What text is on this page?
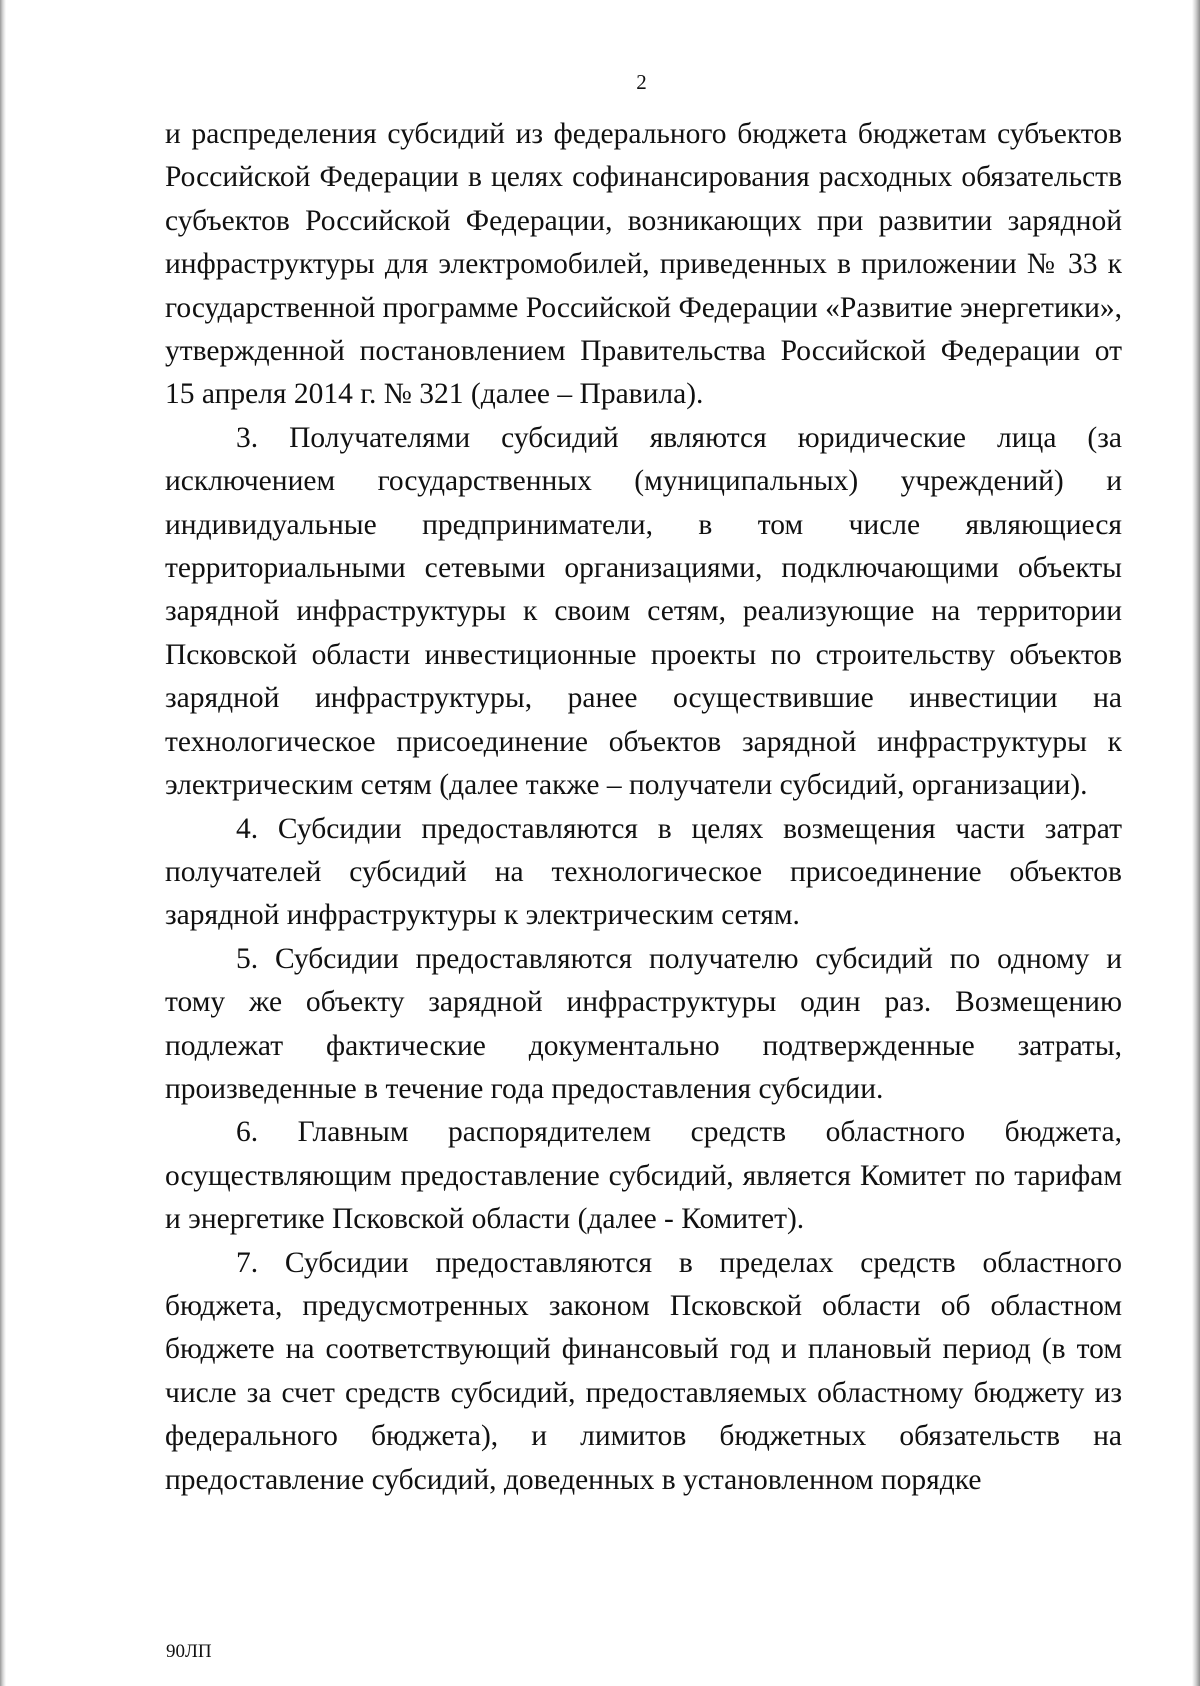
2

и распределения субсидий из федерального бюджета бюджетам субъектов Российской Федерации в целях софинансирования расходных обязательств субъектов Российской Федерации, возникающих при развитии зарядной инфраструктуры для электромобилей, приведенных в приложении № 33 к государственной программе Российской Федерации «Развитие энергетики», утвержденной постановлением Правительства Российской Федерации от 15 апреля 2014 г. № 321 (далее – Правила).

3. Получателями субсидий являются юридические лица (за исключением государственных (муниципальных) учреждений) и индивидуальные предприниматели, в том числе являющиеся территориальными сетевыми организациями, подключающими объекты зарядной инфраструктуры к своим сетям, реализующие на территории Псковской области инвестиционные проекты по строительству объектов зарядной инфраструктуры, ранее осуществившие инвестиции на технологическое присоединение объектов зарядной инфраструктуры к электрическим сетям (далее также – получатели субсидий, организации).

4. Субсидии предоставляются в целях возмещения части затрат получателей субсидий на технологическое присоединение объектов зарядной инфраструктуры к электрическим сетям.

5. Субсидии предоставляются получателю субсидий по одному и тому же объекту зарядной инфраструктуры один раз. Возмещению подлежат фактические документально подтвержденные затраты, произведенные в течение года предоставления субсидии.

6. Главным распорядителем средств областного бюджета, осуществляющим предоставление субсидий, является Комитет по тарифам и энергетике Псковской области (далее - Комитет).

7. Субсидии предоставляются в пределах средств областного бюджета, предусмотренных законом Псковской области об областном бюджете на соответствующий финансовый год и плановый период (в том числе за счет средств субсидий, предоставляемых областному бюджету из федерального бюджета), и лимитов бюджетных обязательств на предоставление субсидий, доведенных в установленном порядке

90ЛП
